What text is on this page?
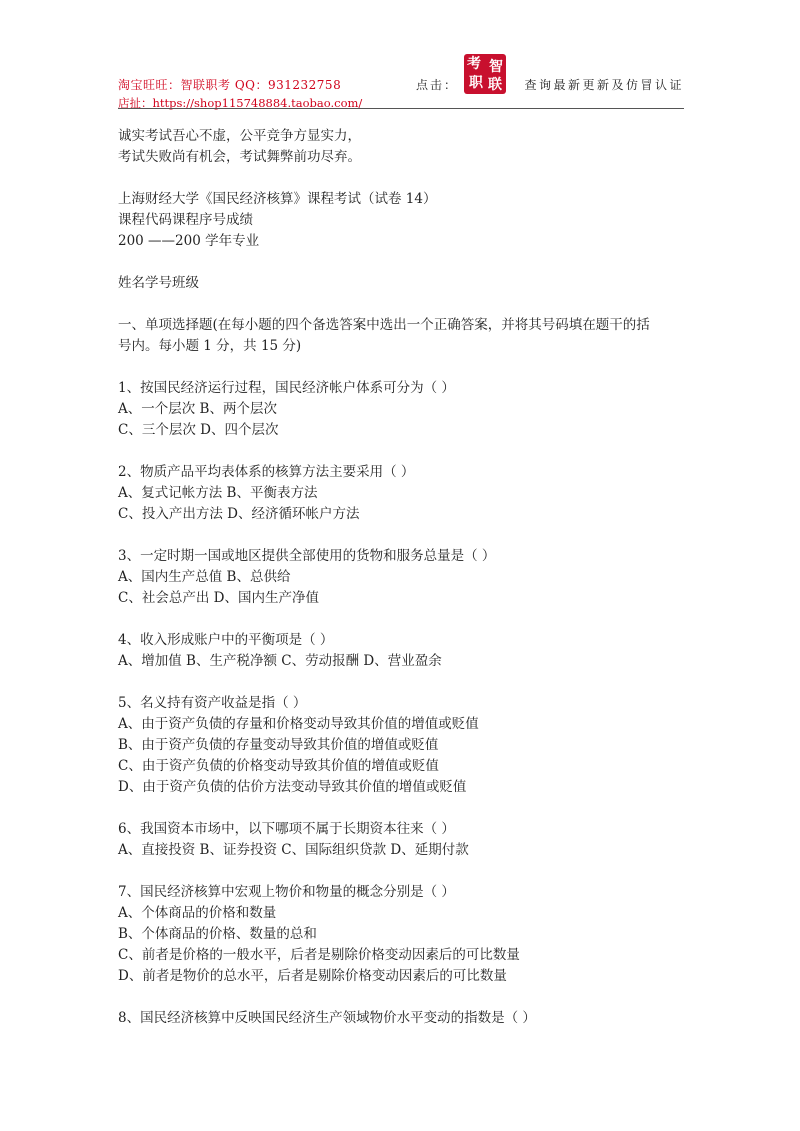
淘宝旺旺：智联职考 QQ：931232758
店扯：https://shop115748884.taobao.com/
点击：
考 智
职 联 查询最新更新及仿冒认证
诚实考试吾心不虚，公平竞争方显实力，
考试失败尚有机会，考试舞弊前功尽弃。
上海财经大学《国民经济核算》课程考试（试卷 14）
课程代码课程序号成绩
200 ——200 学年专业
姓名学号班级
一、单项选择题(在每小题的四个备选答案中选出一个正确答案，并将其号码填在题干的括
号内。每小题 1 分，共 15 分)
1、按国民经济运行过程，国民经济帐户体系可分为（ ）
A、一个层次 B、两个层次
C、三个层次 D、四个层次
2、物质产品平均表体系的核算方法主要采用（ ）
A、复式记帐方法 B、平衡表方法
C、投入产出方法 D、经济循环帐户方法
3、一定时期一国或地区提供全部使用的货物和服务总量是（ ）
A、国内生产总值 B、总供给
C、社会总产出 D、国内生产净值
4、收入形成账户中的平衡项是（ ）
A、增加值 B、生产税净额 C、劳动报酬 D、营业盈余
5、名义持有资产收益是指（ ）
A、由于资产负债的存量和价格变动导致其价值的增值或贬值
B、由于资产负债的存量变动导致其价值的增值或贬值
C、由于资产负债的价格变动导致其价值的增值或贬值
D、由于资产负债的估价方法变动导致其价值的增值或贬值
6、我国资本市场中，以下哪项不属于长期资本往来（ ）
A、直接投资 B、证券投资 C、国际组织贷款 D、延期付款
7、国民经济核算中宏观上物价和物量的概念分别是（ ）
A、个体商品的价格和数量
B、个体商品的价格、数量的总和
C、前者是价格的一般水平，后者是剔除价格变动因素后的可比数量
D、前者是物价的总水平，后者是剔除价格变动因素后的可比数量
8、国民经济核算中反映国民经济生产领域物价水平变动的指数是（ ）
